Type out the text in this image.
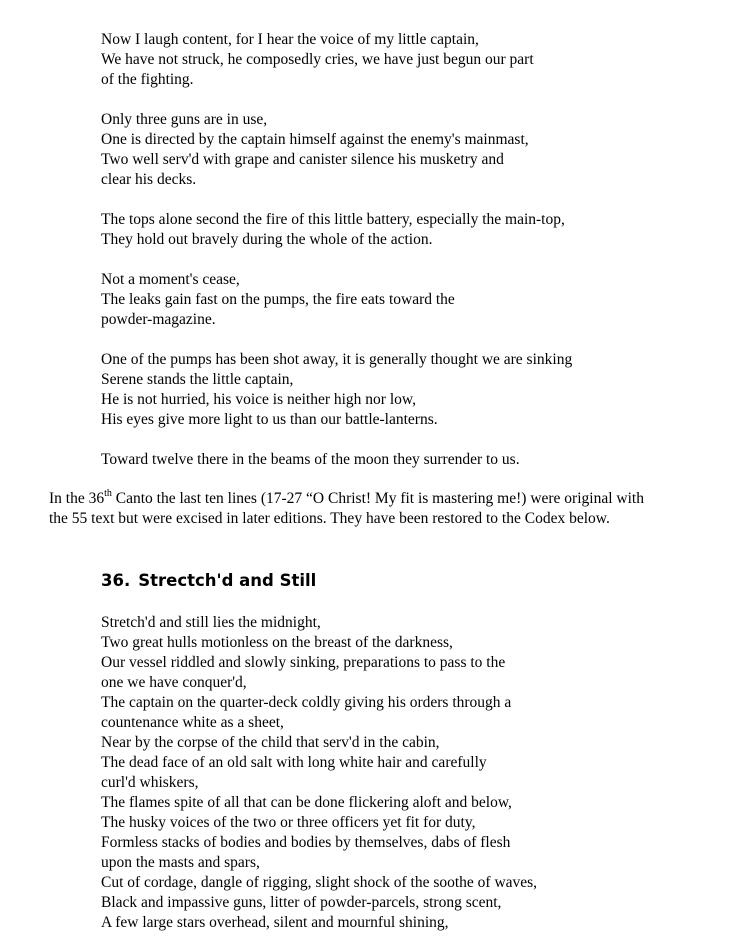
Now I laugh content, for I hear the voice of my little captain,
We have not struck, he composedly cries, we have just begun our part
of the fighting.
Only three guns are in use,
One is directed by the captain himself against the enemy's mainmast,
Two well serv'd with grape and canister silence his musketry and
clear his decks.
The tops alone second the fire of this little battery, especially the main-top,
They hold out bravely during the whole of the action.
Not a moment's cease,
The leaks gain fast on the pumps, the fire eats toward the
powder-magazine.
One of the pumps has been shot away, it is generally thought we are sinking
Serene stands the little captain,
He is not hurried, his voice is neither high nor low,
His eyes give more light to us than our battle-lanterns.
Toward twelve there in the beams of the moon they surrender to us.

In the 36th Canto the last ten lines (17-27 “O Christ! My fit is mastering me!) were original with
the 55 text but were excised in later editions. They have been restored to the Codex below.

36. Strectch'd and Still
Stretch'd and still lies the midnight,
Two great hulls motionless on the breast of the darkness,
Our vessel riddled and slowly sinking, preparations to pass to the
one we have conquer'd,
The captain on the quarter-deck coldly giving his orders through a
countenance white as a sheet,
Near by the corpse of the child that serv'd in the cabin,
The dead face of an old salt with long white hair and carefully
curl'd whiskers,
The flames spite of all that can be done flickering aloft and below,
The husky voices of the two or three officers yet fit for duty,
Formless stacks of bodies and bodies by themselves, dabs of flesh
upon the masts and spars,
Cut of cordage, dangle of rigging, slight shock of the soothe of waves,
Black and impassive guns, litter of powder-parcels, strong scent,
A few large stars overhead, silent and mournful shining,
